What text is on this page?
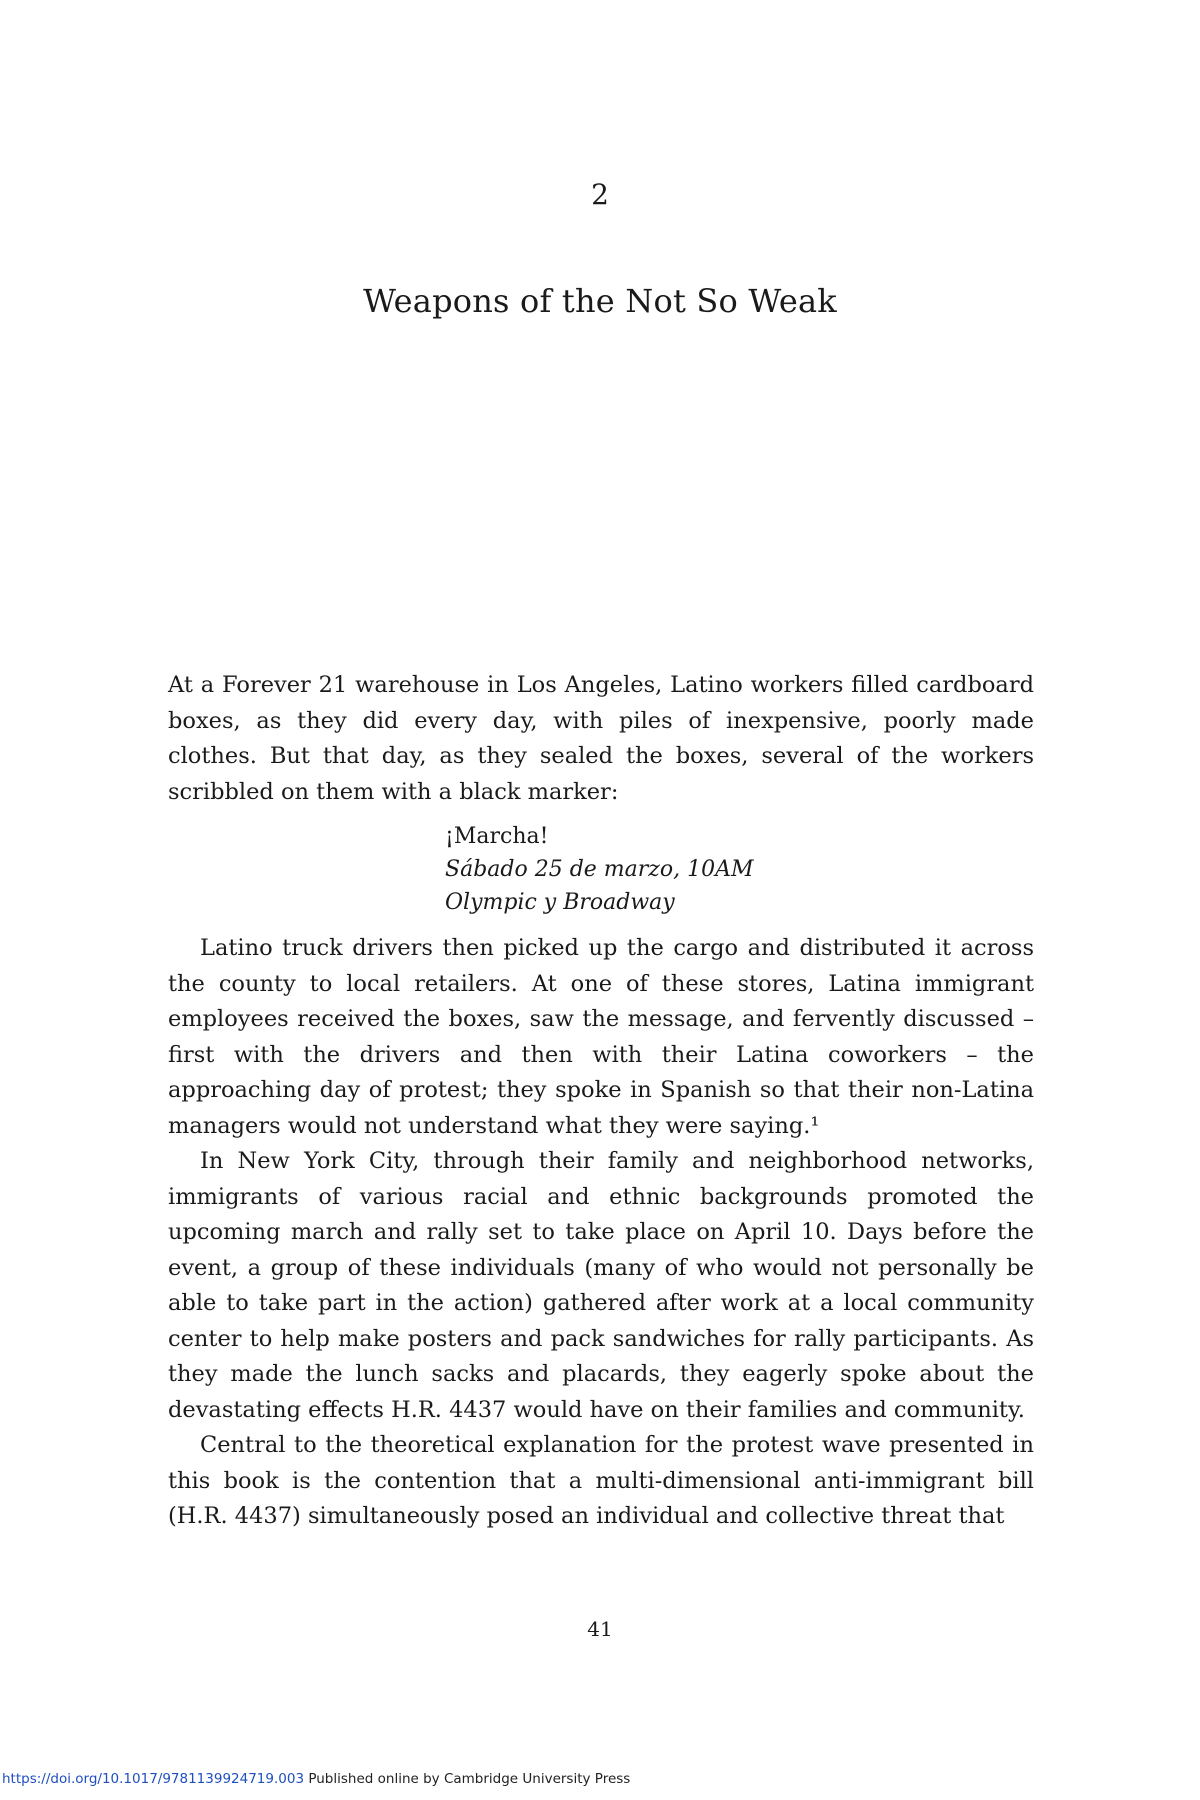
2
Weapons of the Not So Weak

At a Forever 21 warehouse in Los Angeles, Latino workers filled cardboard boxes, as they did every day, with piles of inexpensive, poorly made clothes. But that day, as they sealed the boxes, several of the workers scribbled on them with a black marker:

¡Marcha!
Sábado 25 de marzo, 10AM
Olympic y Broadway

Latino truck drivers then picked up the cargo and distributed it across the county to local retailers. At one of these stores, Latina immigrant employees received the boxes, saw the message, and fervently discussed – first with the drivers and then with their Latina coworkers – the approaching day of protest; they spoke in Spanish so that their non-Latina managers would not understand what they were saying.¹

In New York City, through their family and neighborhood networks, immigrants of various racial and ethnic backgrounds promoted the upcoming march and rally set to take place on April 10. Days before the event, a group of these individuals (many of who would not personally be able to take part in the action) gathered after work at a local community center to help make posters and pack sandwiches for rally participants. As they made the lunch sacks and placards, they eagerly spoke about the devastating effects H.R. 4437 would have on their families and community.

Central to the theoretical explanation for the protest wave presented in this book is the contention that a multi-dimensional anti-immigrant bill (H.R. 4437) simultaneously posed an individual and collective threat that

41
https://doi.org/10.1017/9781139924719.003 Published online by Cambridge University Press
